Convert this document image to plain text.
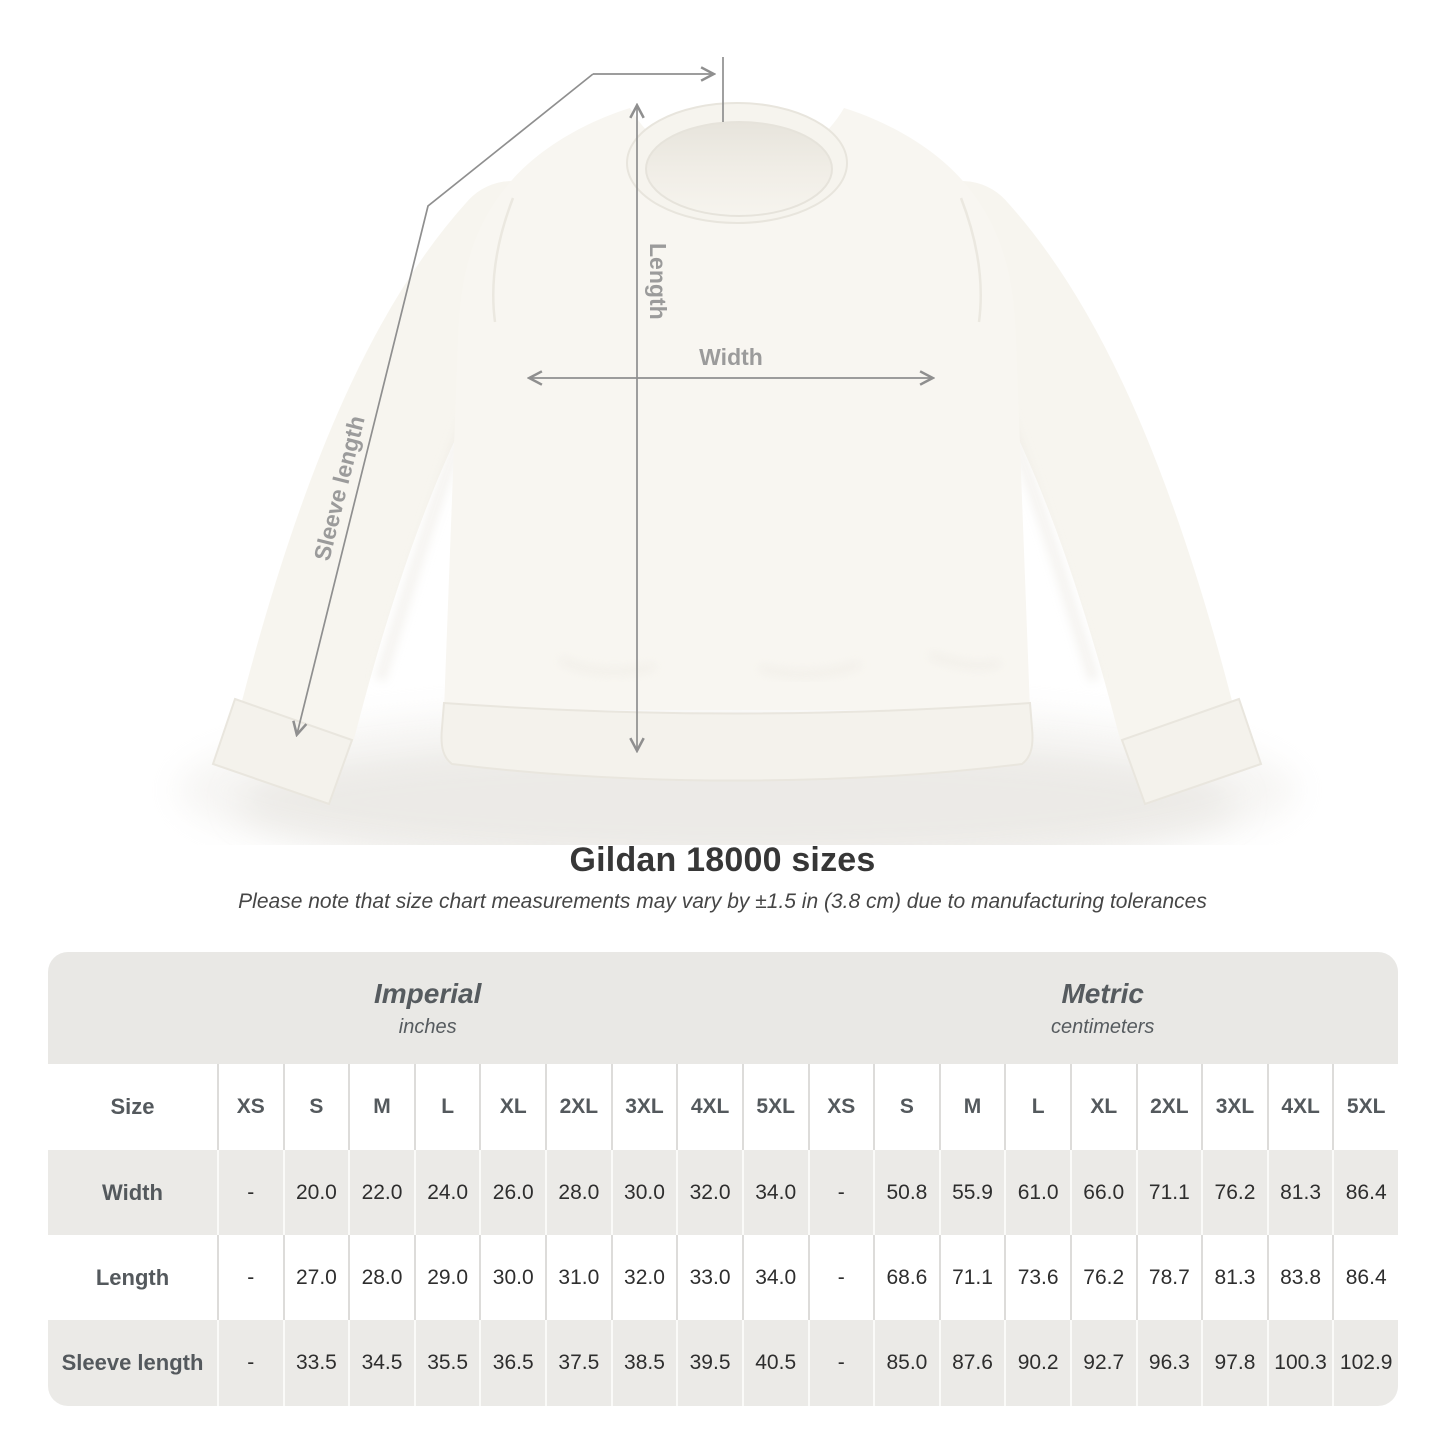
Width
Length
Sleeve length
Gildan 18000 sizes
Please note that size chart measurements may vary by ±1.5 in (3.8 cm) due to manufacturing tolerances
Imperial
inches
Metric
centimeters
Size	XS	S	M	L	XL	2XL	3XL	4XL	5XL	XS	S	M	L	XL	2XL	3XL	4XL	5XL
Width	-	20.0	22.0	24.0	26.0	28.0	30.0	32.0	34.0	-	50.8	55.9	61.0	66.0	71.1	76.2	81.3	86.4
Length	-	27.0	28.0	29.0	30.0	31.0	32.0	33.0	34.0	-	68.6	71.1	73.6	76.2	78.7	81.3	83.8	86.4
Sleeve length	-	33.5	34.5	35.5	36.5	37.5	38.5	39.5	40.5	-	85.0	87.6	90.2	92.7	96.3	97.8 100.3 102.9
